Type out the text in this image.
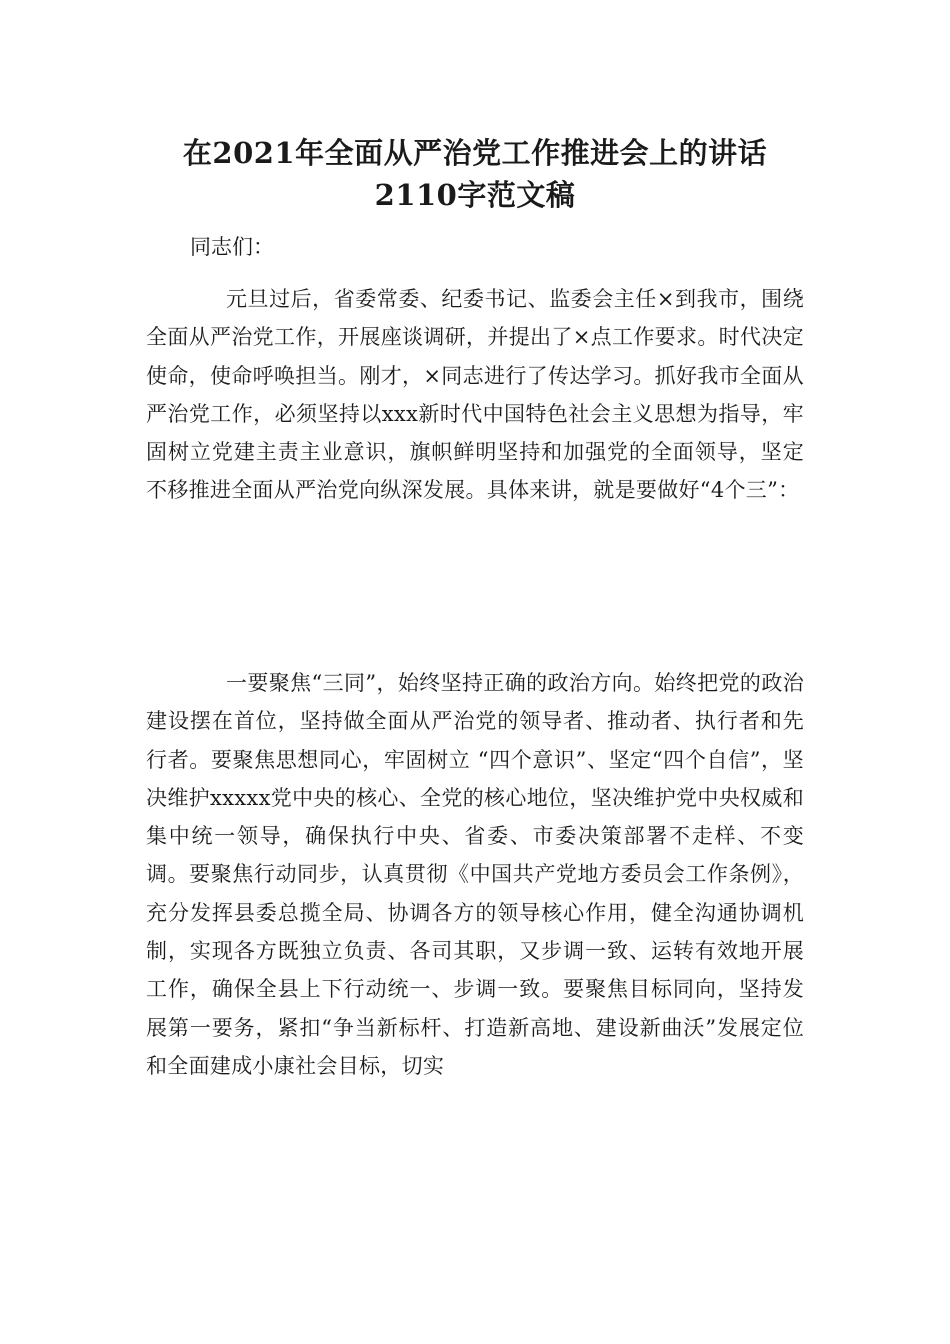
在2021年全面从严治党工作推进会上的讲话2110字范文稿

同志们：

元旦过后，省委常委、纪委书记、监委会主任×到我市，围绕全面从严治党工作，开展座谈调研，并提出了×点工作要求。时代决定使命，使命呼唤担当。刚才，×同志进行了传达学习。抓好我市全面从严治党工作，必须坚持以xxx新时代中国特色社会主义思想为指导，牢固树立党建主责主业意识，旗帜鲜明坚持和加强党的全面领导，坚定不移推进全面从严治党向纵深发展。具体来讲，就是要做好“4个三”：

一要聚焦“三同”，始终坚持正确的政治方向。始终把党的政治建设摆在首位，坚持做全面从严治党的领导者、推动者、执行者和先行者。要聚焦思想同心，牢固树立 “四个意识”、坚定“四个自信”，坚决维护xxxxx党中央的核心、全党的核心地位，坚决维护党中央权威和集中统一领导，确保执行中央、省委、市委决策部署不走样、不变调。要聚焦行动同步，认真贯彻《中国共产党地方委员会工作条例》，充分发挥县委总揽全局、协调各方的领导核心作用，健全沟通协调机制，实现各方既独立负责、各司其职，又步调一致、运转有效地开展工作，确保全县上下行动统一、步调一致。要聚焦目标同向，坚持发展第一要务，紧扣“争当新标杆、打造新高地、建设新曲沃”发展定位和全面建成小康社会目标，切实
